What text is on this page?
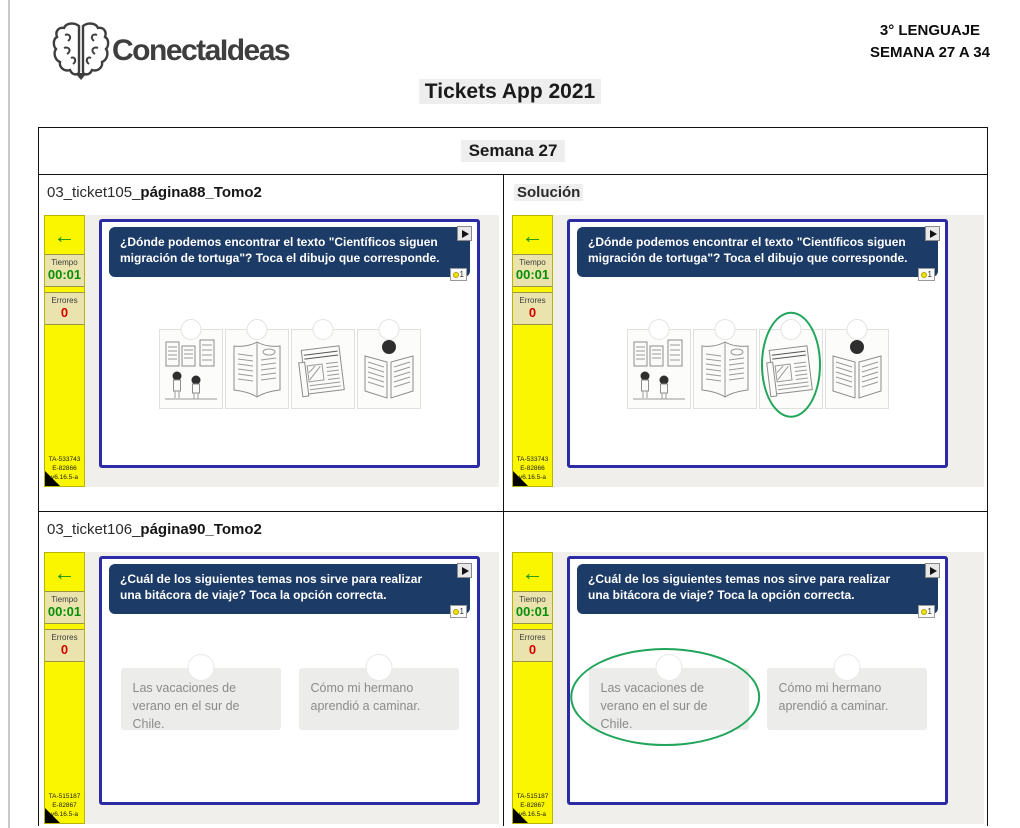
ConectaIdeas
3° LENGUAJE
SEMANA 27 A 34
Tickets App 2021
Semana 27
03_ticket105_página88_Tomo2
←
Tiempo
00:01
Errores
0
TA-533743
E-82866
v6.16.5-a
¿Dónde podemos encontrar el texto "Científicos siguen migración de tortuga"? Toca el dibujo que corresponde.
1
Solución
←
Tiempo
00:01
Errores
0
TA-533743
E-82866
v6.16.5-a
¿Dónde podemos encontrar el texto "Científicos siguen migración de tortuga"? Toca el dibujo que corresponde.
1
03_ticket106_página90_Tomo2
←
Tiempo
00:01
Errores
0
TA-515187
E-82867
v6.16.5-a
¿Cuál de los siguientes temas nos sirve para realizar una bitácora de viaje? Toca la opción correcta.
1
Las vacaciones de verano en el sur de Chile.
Cómo mi hermano aprendió a caminar.
←
Tiempo
00:01
Errores
0
TA-515187
E-82867
v6.16.5-a
¿Cuál de los siguientes temas nos sirve para realizar una bitácora de viaje? Toca la opción correcta.
1
Las vacaciones de verano en el sur de Chile.
Cómo mi hermano aprendió a caminar.
